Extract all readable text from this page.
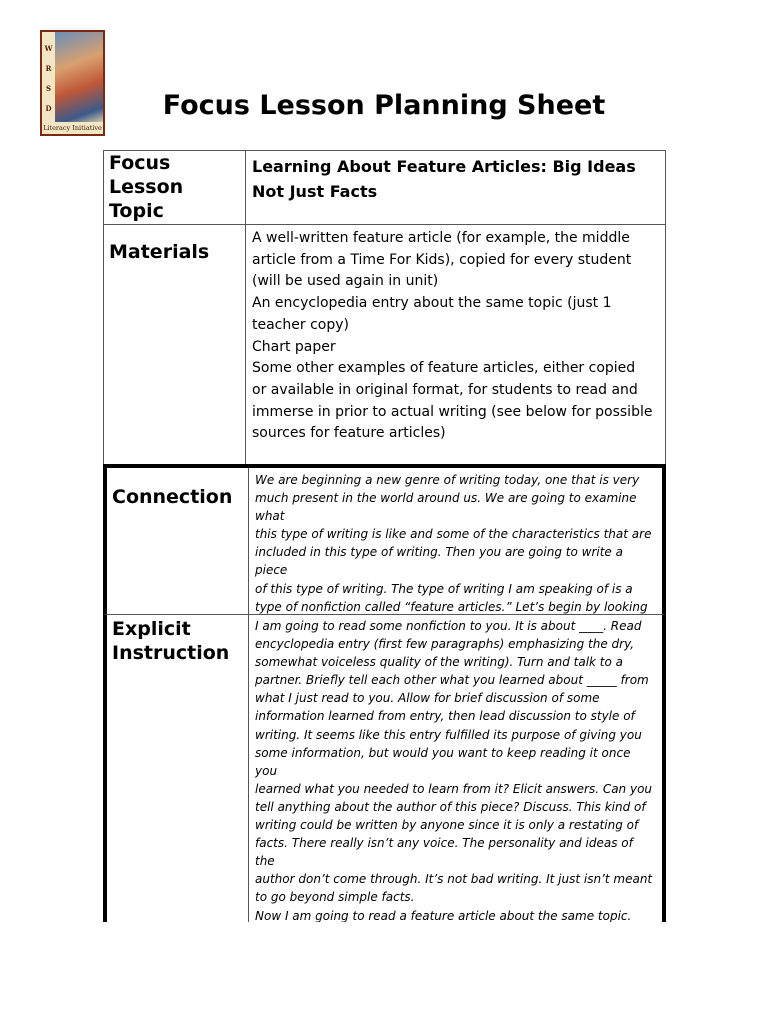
W
R
S
D
Literacy Initiative
Focus Lesson Planning Sheet
Focus Lesson Topic
Learning About Feature Articles: Big Ideas
Not Just Facts
Materials
A well-written feature article (for example, the middle
article from a Time For Kids), copied for every student
(will be used again in unit)
An encyclopedia entry about the same topic (just 1
teacher copy)
Chart paper
Some other examples of feature articles, either copied
or available in original format, for students to read and
immerse in prior to actual writing (see below for possible
sources for feature articles)
Connection
We are beginning a new genre of writing today, one that is very
much present in the world around us. We are going to examine what
this type of writing is like and some of the characteristics that are
included in this type of writing. Then you are going to write a piece
of this type of writing. The type of writing I am speaking of is a
type of nonfiction called “feature articles.” Let’s begin by looking
Explicit Instruction
I am going to read some nonfiction to you. It is about ____. Read
encyclopedia entry (first few paragraphs) emphasizing the dry,
somewhat voiceless quality of the writing). Turn and talk to a
partner. Briefly tell each other what you learned about _____ from
what I just read to you. Allow for brief discussion of some
information learned from entry, then lead discussion to style of
writing. It seems like this entry fulfilled its purpose of giving you
some information, but would you want to keep reading it once you
learned what you needed to learn from it? Elicit answers. Can you
tell anything about the author of this piece? Discuss. This kind of
writing could be written by anyone since it is only a restating of
facts. There really isn’t any voice. The personality and ideas of the
author don’t come through. It’s not bad writing. It just isn’t meant
to go beyond simple facts.
Now I am going to read a feature article about the same topic.
